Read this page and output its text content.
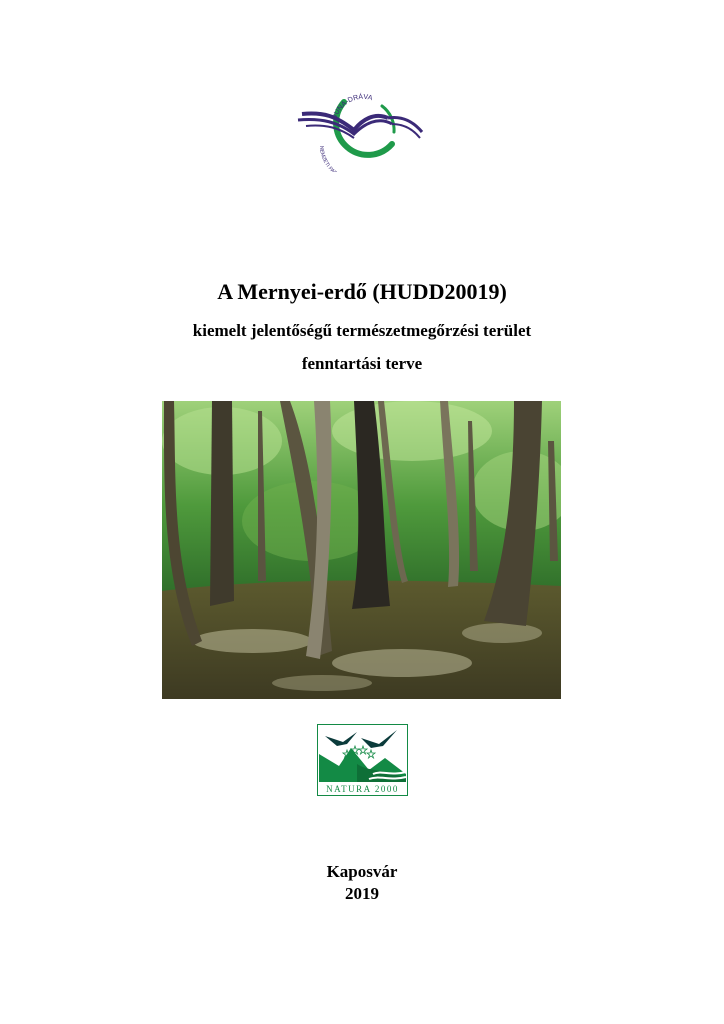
DUNA-DRÁVA
NEMZETI PA
A Mernyei-erdő (HUDD20019)
kiemelt jelentőségű természetmegőrzési terület
fenntartási terve
NATURA 2000
Kaposvár
2019
